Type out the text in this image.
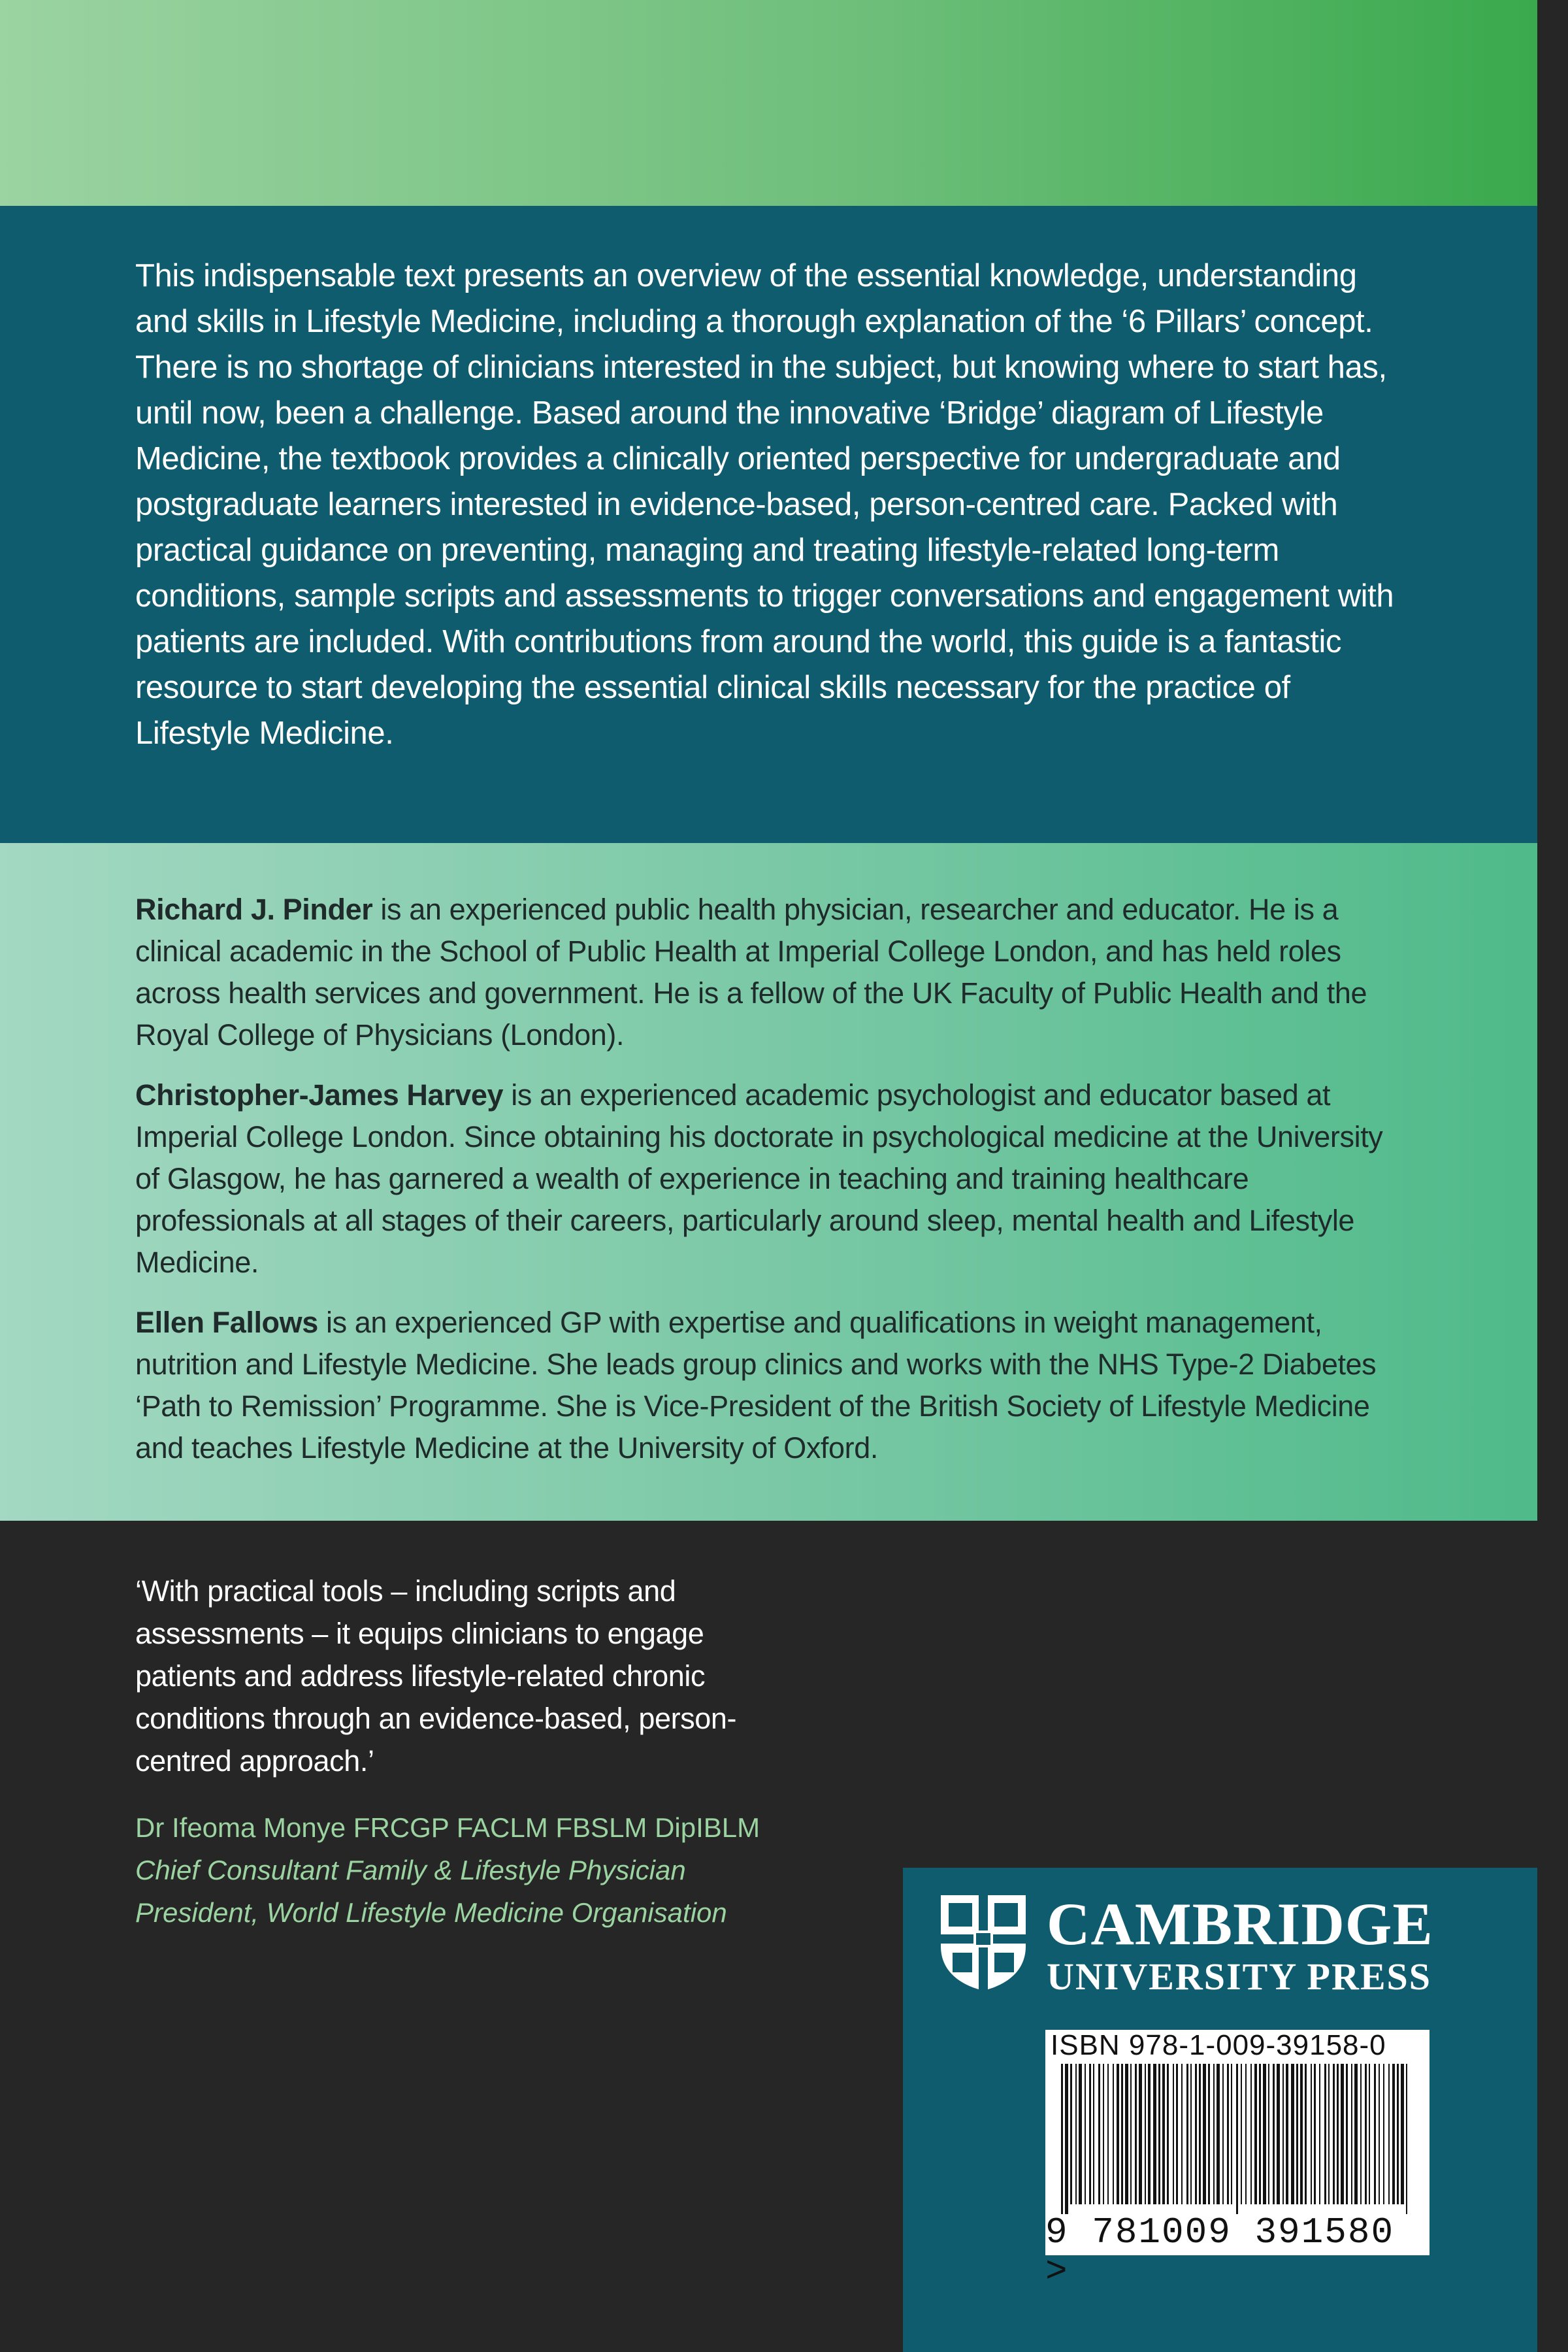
This indispensable text presents an overview of the essential knowledge, understanding and skills in Lifestyle Medicine, including a thorough explanation of the ‘6 Pillars’ concept. There is no shortage of clinicians interested in the subject, but knowing where to start has, until now, been a challenge. Based around the innovative ‘Bridge’ diagram of Lifestyle Medicine, the textbook provides a clinically oriented perspective for undergraduate and postgraduate learners interested in evidence-based, person-centred care. Packed with practical guidance on preventing, managing and treating lifestyle-related long-term conditions, sample scripts and assessments to trigger conversations and engagement with patients are included. With contributions from around the world, this guide is a fantastic resource to start developing the essential clinical skills necessary for the practice of Lifestyle Medicine.

Richard J. Pinder is an experienced public health physician, researcher and educator. He is a clinical academic in the School of Public Health at Imperial College London, and has held roles across health services and government. He is a fellow of the UK Faculty of Public Health and the Royal College of Physicians (London).

Christopher-James Harvey is an experienced academic psychologist and educator based at Imperial College London. Since obtaining his doctorate in psychological medicine at the University of Glasgow, he has garnered a wealth of experience in teaching and training healthcare professionals at all stages of their careers, particularly around sleep, mental health and Lifestyle Medicine.

Ellen Fallows is an experienced GP with expertise and qualifications in weight management, nutrition and Lifestyle Medicine. She leads group clinics and works with the NHS Type-2 Diabetes ‘Path to Remission’ Programme. She is Vice-President of the British Society of Lifestyle Medicine and teaches Lifestyle Medicine at the University of Oxford.

‘With practical tools – including scripts and assessments – it equips clinicians to engage patients and address lifestyle-related chronic conditions through an evidence-based, person-centred approach.’

Dr Ifeoma Monye FRCGP FACLM FBSLM DipIBLM
Chief Consultant Family & Lifestyle Physician
President, World Lifestyle Medicine Organisation	CAMBRIDGE
UNIVERSITY PRESS
ISBN 978-1-009-39158-0
9 781009 391580 >
